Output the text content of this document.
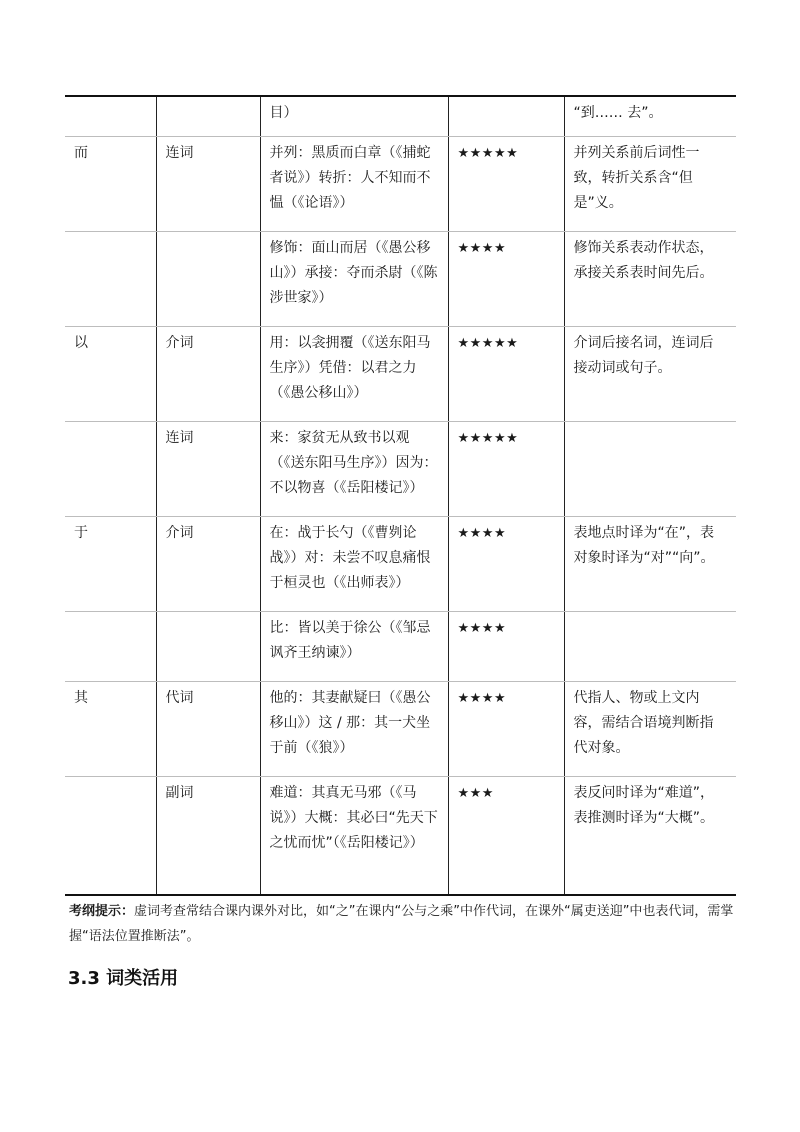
		目）		“到…… 去”。
而	连词	并列：黑质而白章（《捕蛇者说》）转折：人不知而不愠（《论语》）	★★★★★	并列关系前后词性一致，转折关系含“但是”义。
		修饰：面山而居（《愚公移山》）承接：夺而杀尉（《陈涉世家》）	★★★★	修饰关系表动作状态，承接关系表时间先后。
以	介词	用：以衾拥覆（《送东阳马生序》）凭借：以君之力（《愚公移山》）	★★★★★	介词后接名词，连词后接动词或句子。
	连词	来：家贫无从致书以观（《送东阳马生序》）因为：不以物喜（《岳阳楼记》）	★★★★★	
于	介词	在：战于长勺（《曹刿论战》）对：未尝不叹息痛恨于桓灵也（《出师表》）	★★★★	表地点时译为“在”，表对象时译为“对”“向”。
		比：皆以美于徐公（《邹忌讽齐王纳谏》）	★★★★	
其	代词	他的：其妻献疑曰（《愚公移山》）这 / 那：其一犬坐于前（《狼》）	★★★★	代指人、物或上文内容，需结合语境判断指代对象。
	副词	难道：其真无马邪（《马说》）大概：其必曰“先天下之忧而忧”（《岳阳楼记》）	★★★	表反问时译为“难道”，表推测时译为“大概”。
考纲提示：虚词考查常结合课内课外对比，如“之”在课内“公与之乘”中作代词，在课外“属吏送迎”中也表代词，需掌握“语法位置推断法”。
3.3 词类活用
